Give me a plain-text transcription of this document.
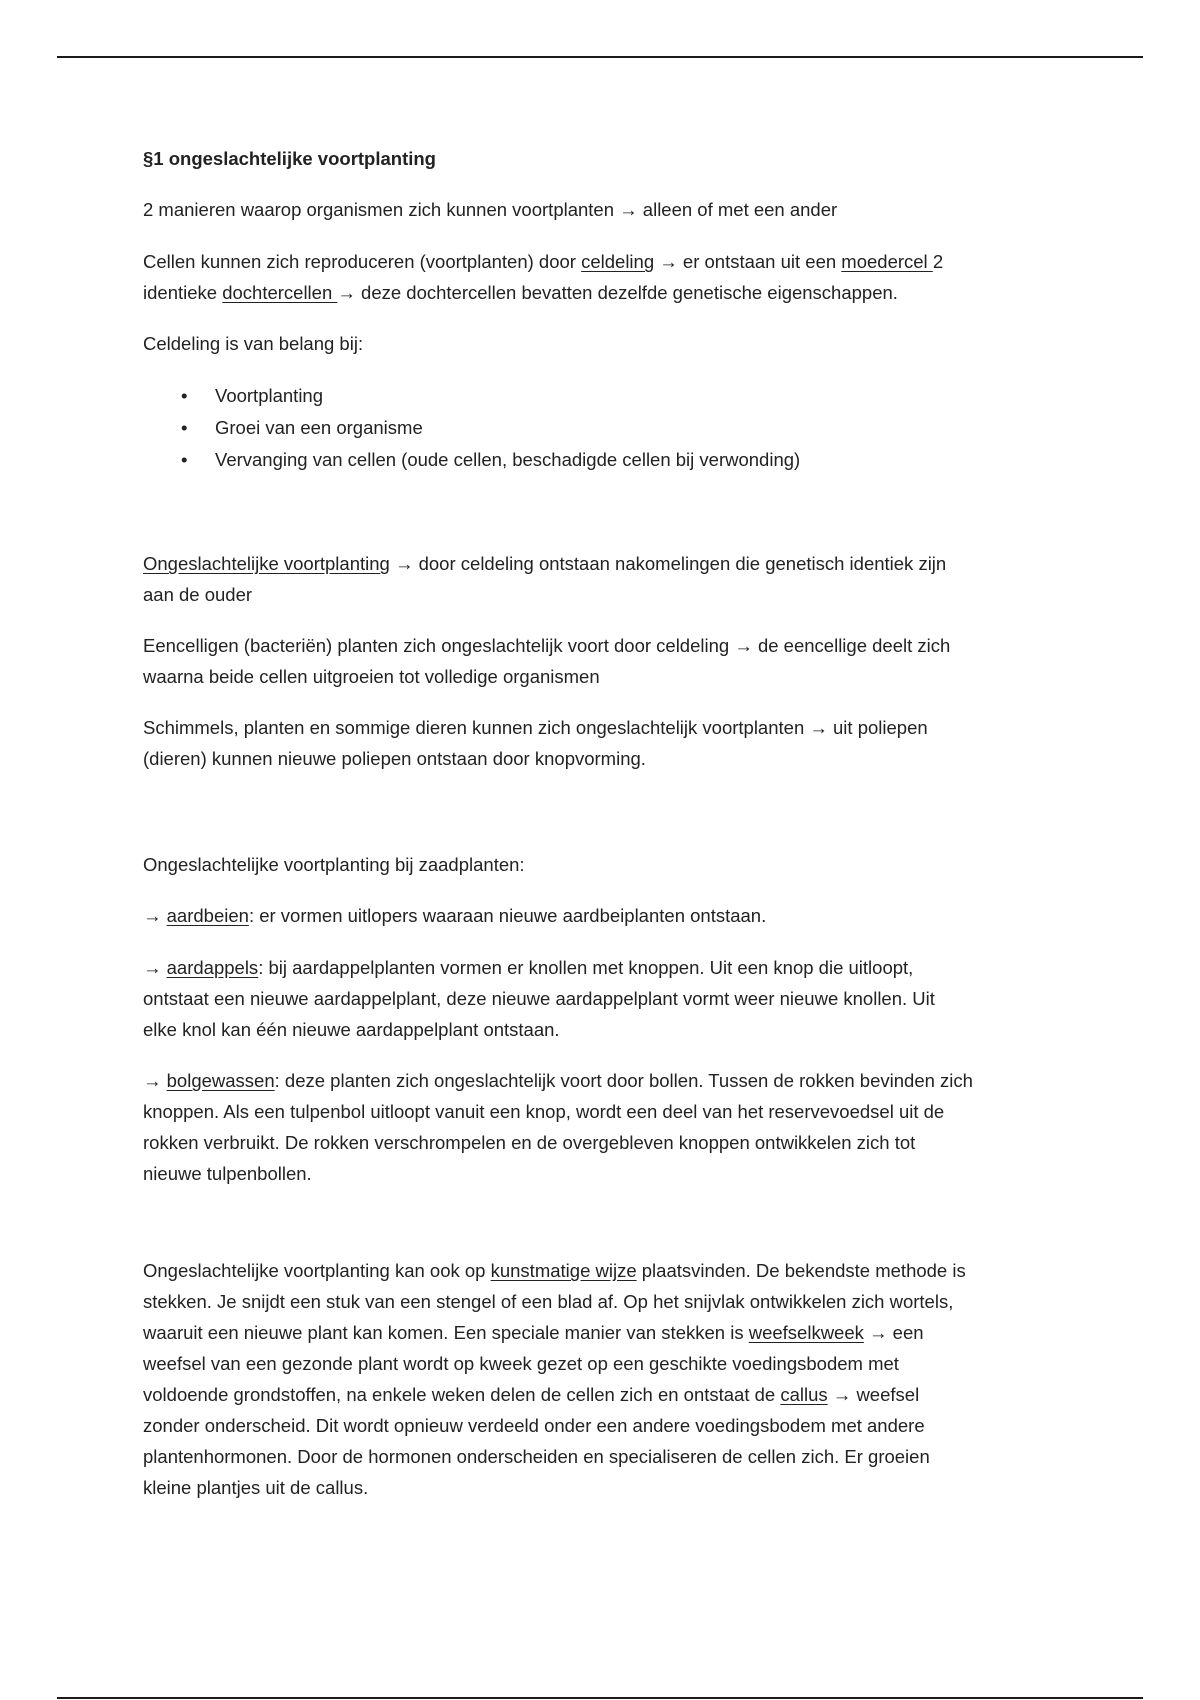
§1 ongeslachtelijke voortplanting

2 manieren waarop organismen zich kunnen voortplanten → alleen of met een ander

Cellen kunnen zich reproduceren (voortplanten) door celdeling → er ontstaan uit een moedercel 2
identieke dochtercellen → deze dochtercellen bevatten dezelfde genetische eigenschappen.

Celdeling is van belang bij:

• Voortplanting
• Groei van een organisme
• Vervanging van cellen (oude cellen, beschadigde cellen bij verwonding)

Ongeslachtelijke voortplanting → door celdeling ontstaan nakomelingen die genetisch identiek zijn
aan de ouder

Eencelligen (bacteriën) planten zich ongeslachtelijk voort door celdeling → de eencellige deelt zich
waarna beide cellen uitgroeien tot volledige organismen

Schimmels, planten en sommige dieren kunnen zich ongeslachtelijk voortplanten → uit poliepen
(dieren) kunnen nieuwe poliepen ontstaan door knopvorming.

Ongeslachtelijke voortplanting bij zaadplanten:

→ aardbeien: er vormen uitlopers waaraan nieuwe aardbeiplanten ontstaan.

→ aardappels: bij aardappelplanten vormen er knollen met knoppen. Uit een knop die uitloopt,
ontstaat een nieuwe aardappelplant, deze nieuwe aardappelplant vormt weer nieuwe knollen. Uit
elke knol kan één nieuwe aardappelplant ontstaan.

→ bolgewassen: deze planten zich ongeslachtelijk voort door bollen. Tussen de rokken bevinden zich
knoppen. Als een tulpenbol uitloopt vanuit een knop, wordt een deel van het reservevoedsel uit de
rokken verbruikt. De rokken verschrompelen en de overgebleven knoppen ontwikkelen zich tot
nieuwe tulpenbollen.

Ongeslachtelijke voortplanting kan ook op kunstmatige wijze plaatsvinden. De bekendste methode is
stekken. Je snijdt een stuk van een stengel of een blad af. Op het snijvlak ontwikkelen zich wortels,
waaruit een nieuwe plant kan komen. Een speciale manier van stekken is weefselkweek → een
weefsel van een gezonde plant wordt op kweek gezet op een geschikte voedingsbodem met
voldoende grondstoffen, na enkele weken delen de cellen zich en ontstaat de callus → weefsel
zonder onderscheid. Dit wordt opnieuw verdeeld onder een andere voedingsbodem met andere
plantenhormonen. Door de hormonen onderscheiden en specialiseren de cellen zich. Er groeien
kleine plantjes uit de callus.
